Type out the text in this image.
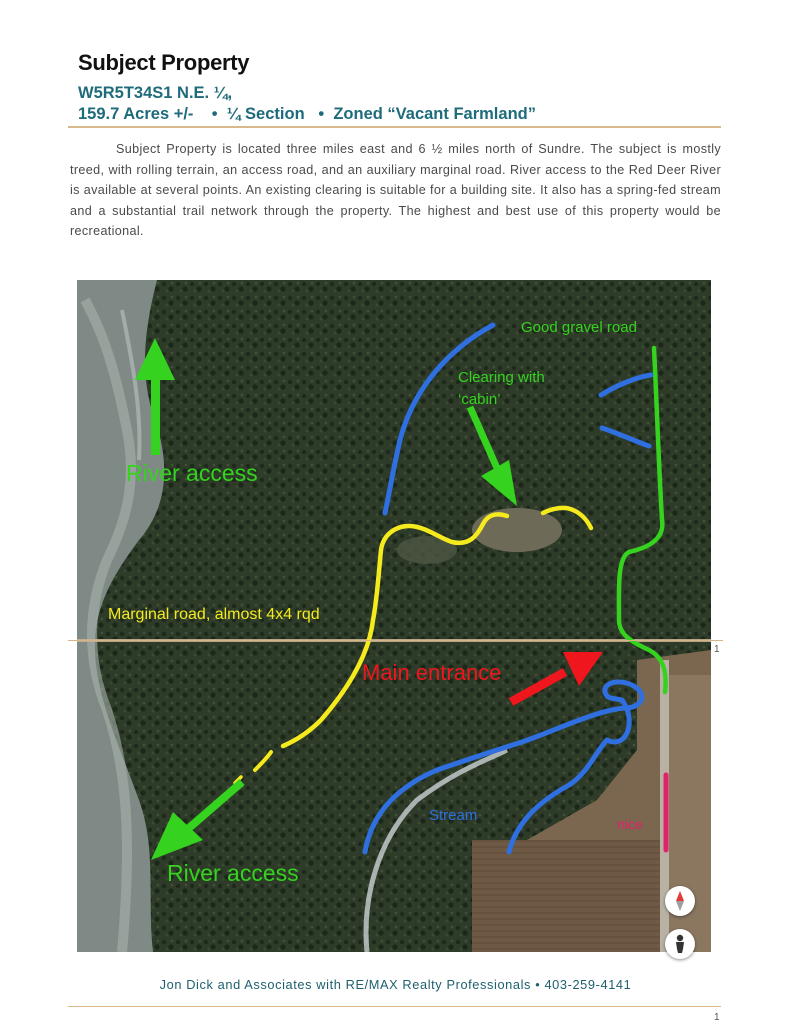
Subject Property
W5R5T34S1 N.E. ¼,
159.7 Acres +/-    •  ¼ Section   •  Zoned “Vacant Farmland”

Subject Property is located three miles east and 6 ½ miles north of Sundre. The subject is mostly treed, with rolling terrain, an access road, and an auxiliary marginal road. River access to the Red Deer River is available at several points. An existing clearing is suitable for a building site. It also has a spring-fed stream and a substantial trail network through the property. The highest and best use of this property would be recreational.

Good gravel road
Clearing with
‘cabin’
River access
Marginal road, almost 4x4 rqd
Main entrance
Stream	nice
River access
1
Jon Dick and Associates with RE/MAX Realty Professionals • 403-259-4141
1
